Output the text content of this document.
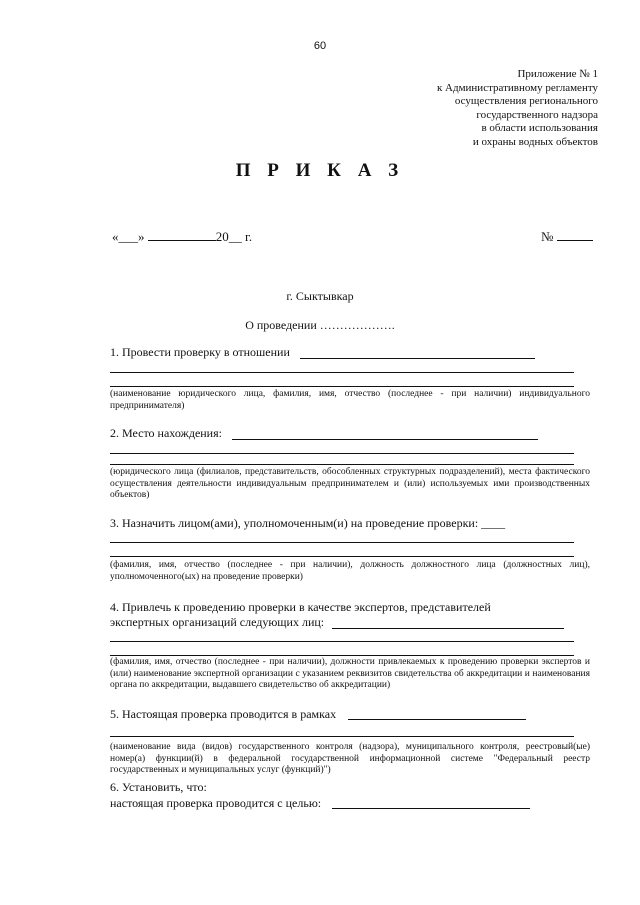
60
Приложение № 1
к Административному регламенту
осуществления регионального
государственного надзора
в области использования
и охраны водных объектов
П Р И К А З
«___»	20__ г.	№
г. Сыктывкар
О проведении ……………….
1. Провести проверку в отношении
(наименование юридического лица, фамилия, имя, отчество (последнее - при наличии) индивидуального предпринимателя)
2. Место нахождения:
(юридического лица (филиалов, представительств, обособленных структурных подразделений), места фактического осуществления деятельности индивидуальным предпринимателем и (или) используемых ими производственных объектов)
3. Назначить лицом(ами), уполномоченным(и) на проведение проверки: ____
(фамилия, имя, отчество (последнее - при наличии), должность должностного лица (должностных лиц), уполномоченного(ых) на проведение проверки)
4. Привлечь к проведению проверки в качестве экспертов, представителей
экспертных организаций следующих лиц:
(фамилия, имя, отчество (последнее - при наличии), должности привлекаемых к проведению проверки экспертов и (или) наименование экспертной организации с указанием реквизитов свидетельства об аккредитации и наименования органа по аккредитации, выдавшего свидетельство об аккредитации)
5. Настоящая проверка проводится в рамках
(наименование вида (видов) государственного контроля (надзора), муниципального контроля, реестровый(ые) номер(а) функции(й) в федеральной государственной информационной системе "Федеральный реестр государственных и муниципальных услуг (функций)")
6. Установить, что:
настоящая проверка проводится с целью:
